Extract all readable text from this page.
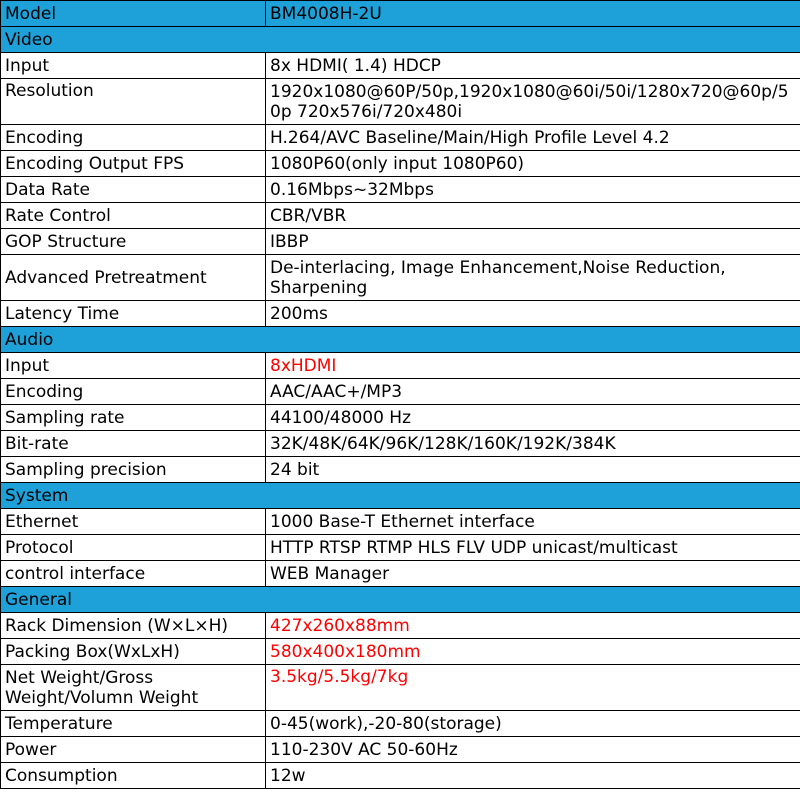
Model	BM4008H-2U
Video	
Input	8x HDMI( 1.4) HDCP
Resolution	1920x1080@60P/50p,1920x1080@60i/50i/1280x720@60p/50p 720x576i/720x480i
Encoding	H.264/AVC Baseline/Main/High Profile Level 4.2
Encoding Output FPS	1080P60(only input 1080P60)
Data Rate	0.16Mbps~32Mbps
Rate Control	CBR/VBR
GOP Structure	IBBP
Advanced Pretreatment	De-interlacing, Image Enhancement,Noise Reduction, Sharpening
Latency Time	200ms
Audio	
Input	8xHDMI
Encoding	AAC/AAC+/MP3
Sampling rate	44100/48000 Hz
Bit-rate	32K/48K/64K/96K/128K/160K/192K/384K
Sampling precision	24 bit
System	
Ethernet	1000 Base-T Ethernet interface
Protocol	HTTP RTSP RTMP HLS FLV UDP unicast/multicast
control interface	WEB Manager
General	
Rack Dimension (W×L×H)	427x260x88mm
Packing Box(WxLxH)	580x400x180mm
Net Weight/Gross Weight/Volumn Weight	3.5kg/5.5kg/7kg
Temperature	0-45(work),-20-80(storage)
Power	110-230V AC 50-60Hz
Consumption	12w
